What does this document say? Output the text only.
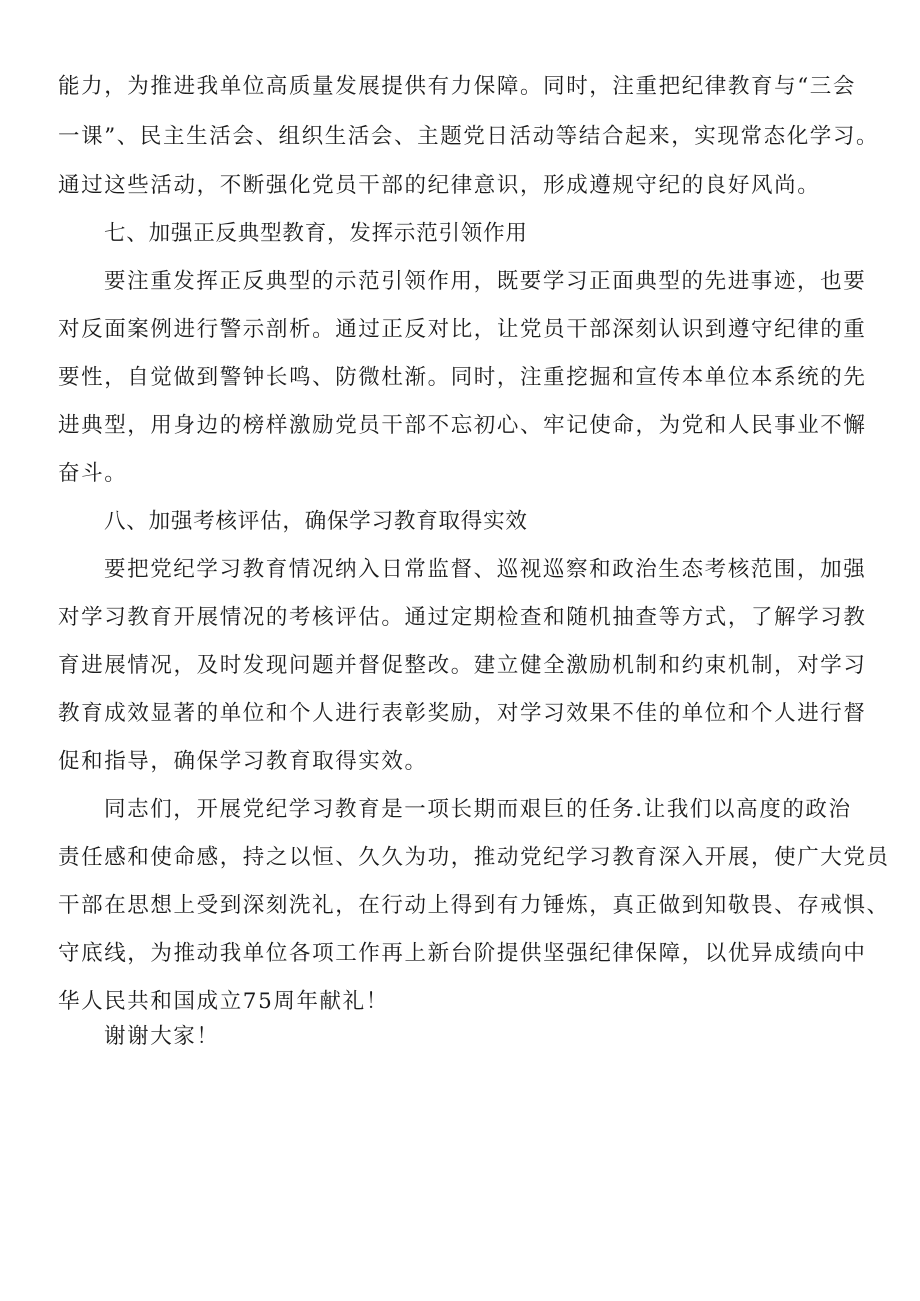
能力，为推进我单位高质量发展提供有力保障。同时，注重把纪律教育与“三会
一课”、民主生活会、组织生活会、主题党日活动等结合起来，实现常态化学习。
通过这些活动，不断强化党员干部的纪律意识，形成遵规守纪的良好风尚。
七、加强正反典型教育，发挥示范引领作用
要注重发挥正反典型的示范引领作用，既要学习正面典型的先进事迹，也要
对反面案例进行警示剖析。通过正反对比，让党员干部深刻认识到遵守纪律的重
要性，自觉做到警钟长鸣、防微杜渐。同时，注重挖掘和宣传本单位本系统的先
进典型，用身边的榜样激励党员干部不忘初心、牢记使命，为党和人民事业不懈
奋斗。
八、加强考核评估，确保学习教育取得实效
要把党纪学习教育情况纳入日常监督、巡视巡察和政治生态考核范围，加强
对学习教育开展情况的考核评估。通过定期检查和随机抽查等方式，了解学习教
育进展情况，及时发现问题并督促整改。建立健全激励机制和约束机制，对学习
教育成效显著的单位和个人进行表彰奖励，对学习效果不佳的单位和个人进行督
促和指导，确保学习教育取得实效。
同志们，开展党纪学习教育是一项长期而艰巨的任务.让我们以高度的政治
责任感和使命感，持之以恒、久久为功，推动党纪学习教育深入开展，使广大党员
干部在思想上受到深刻洗礼，在行动上得到有力锤炼，真正做到知敬畏、存戒惧、
守底线，为推动我单位各项工作再上新台阶提供坚强纪律保障，以优异成绩向中
华人民共和国成立75周年献礼！
谢谢大家！
